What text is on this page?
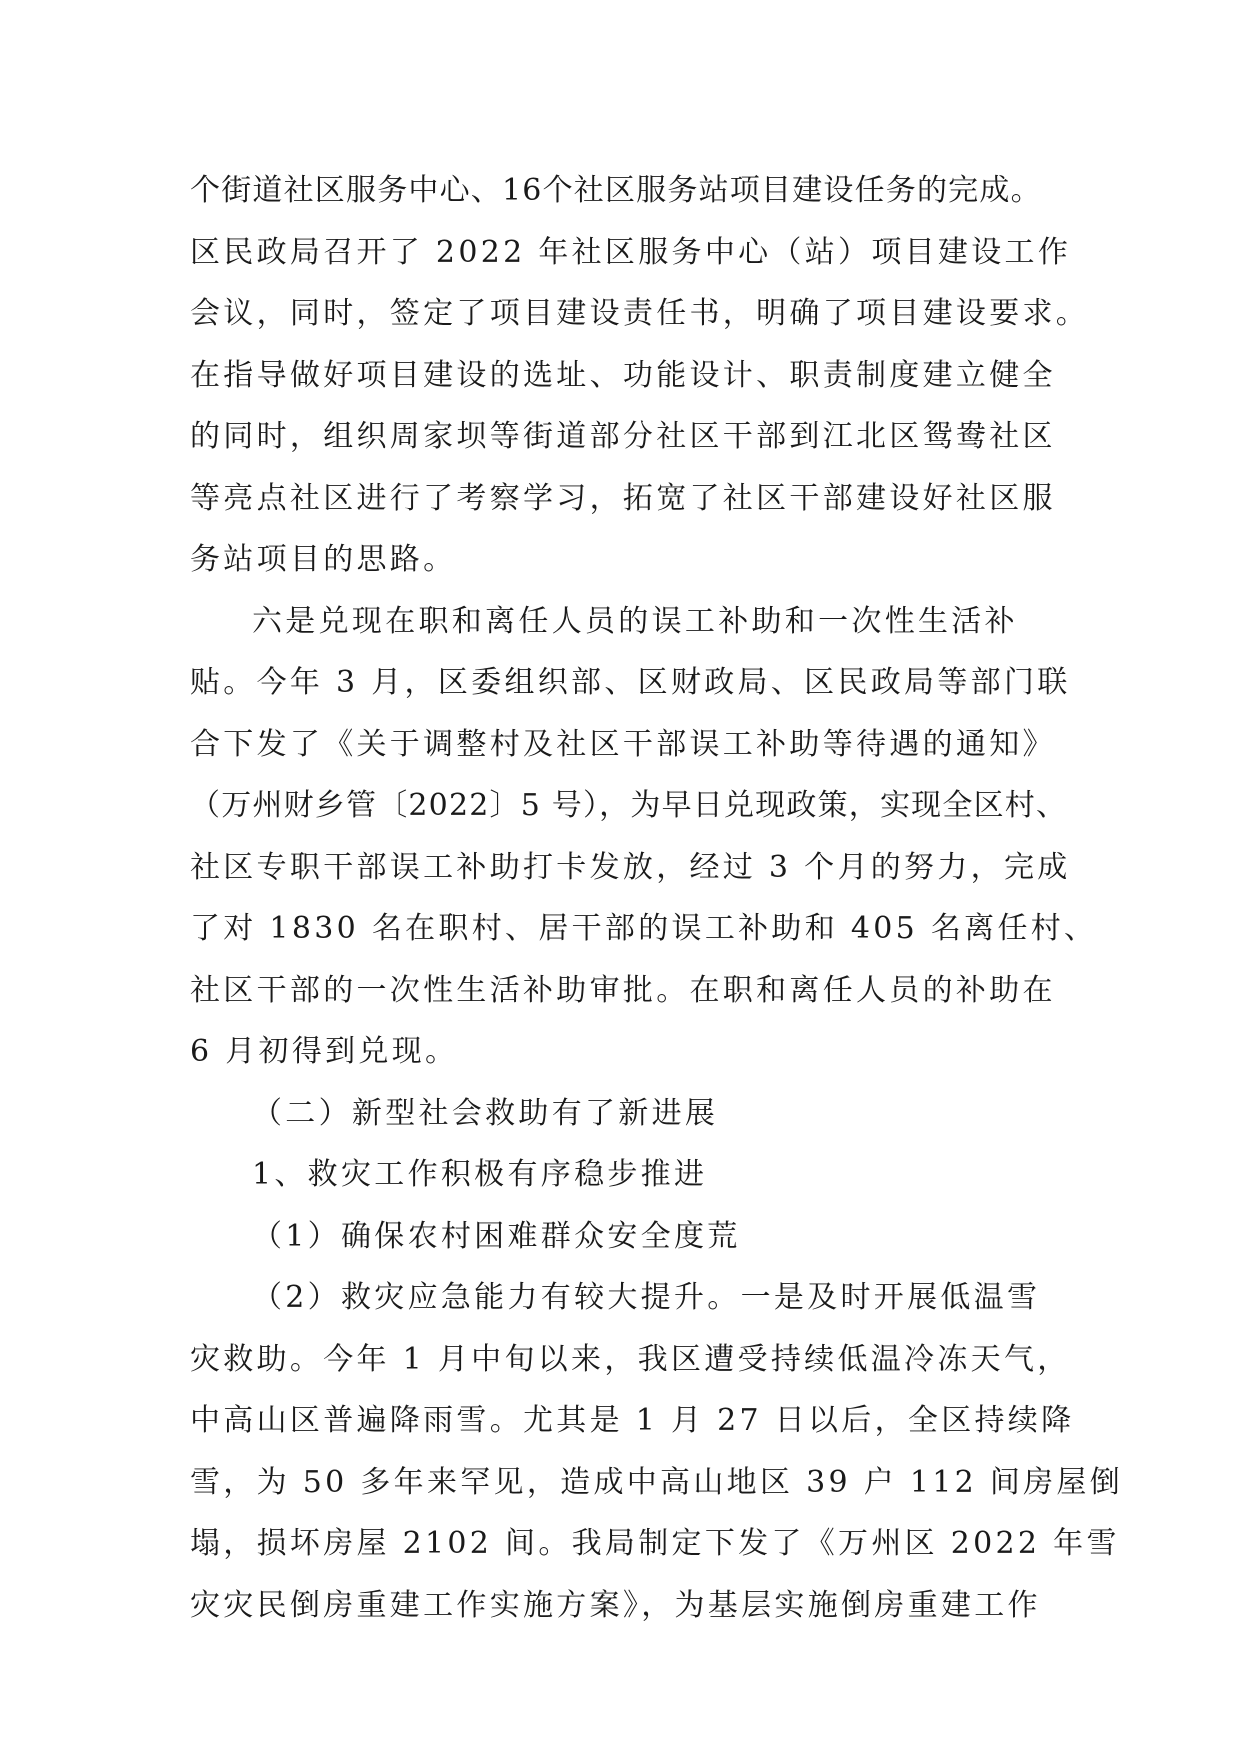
个街道社区服务中心、16个社区服务站项目建设任务的完成。
区民政局召开了 2022 年社区服务中心（站）项目建设工作
会议，同时，签定了项目建设责任书，明确了项目建设要求。
在指导做好项目建设的选址、功能设计、职责制度建立健全
的同时，组织周家坝等街道部分社区干部到江北区鸳鸯社区
等亮点社区进行了考察学习，拓宽了社区干部建设好社区服
务站项目的思路。
六是兑现在职和离任人员的误工补助和一次性生活补
贴。今年 3 月，区委组织部、区财政局、区民政局等部门联
合下发了《关于调整村及社区干部误工补助等待遇的通知》
（万州财乡管〔2022〕5 号），为早日兑现政策，实现全区村、
社区专职干部误工补助打卡发放，经过 3 个月的努力，完成
了对 1830 名在职村、居干部的误工补助和 405 名离任村、
社区干部的一次性生活补助审批。在职和离任人员的补助在
6 月初得到兑现。
（二）新型社会救助有了新进展
1、救灾工作积极有序稳步推进
（1）确保农村困难群众安全度荒
（2）救灾应急能力有较大提升。一是及时开展低温雪
灾救助。今年 1 月中旬以来，我区遭受持续低温冷冻天气，
中高山区普遍降雨雪。尤其是 1 月 27 日以后，全区持续降
雪，为 50 多年来罕见，造成中高山地区 39 户 112 间房屋倒
塌，损坏房屋 2102 间。我局制定下发了《万州区 2022 年雪
灾灾民倒房重建工作实施方案》，为基层实施倒房重建工作
